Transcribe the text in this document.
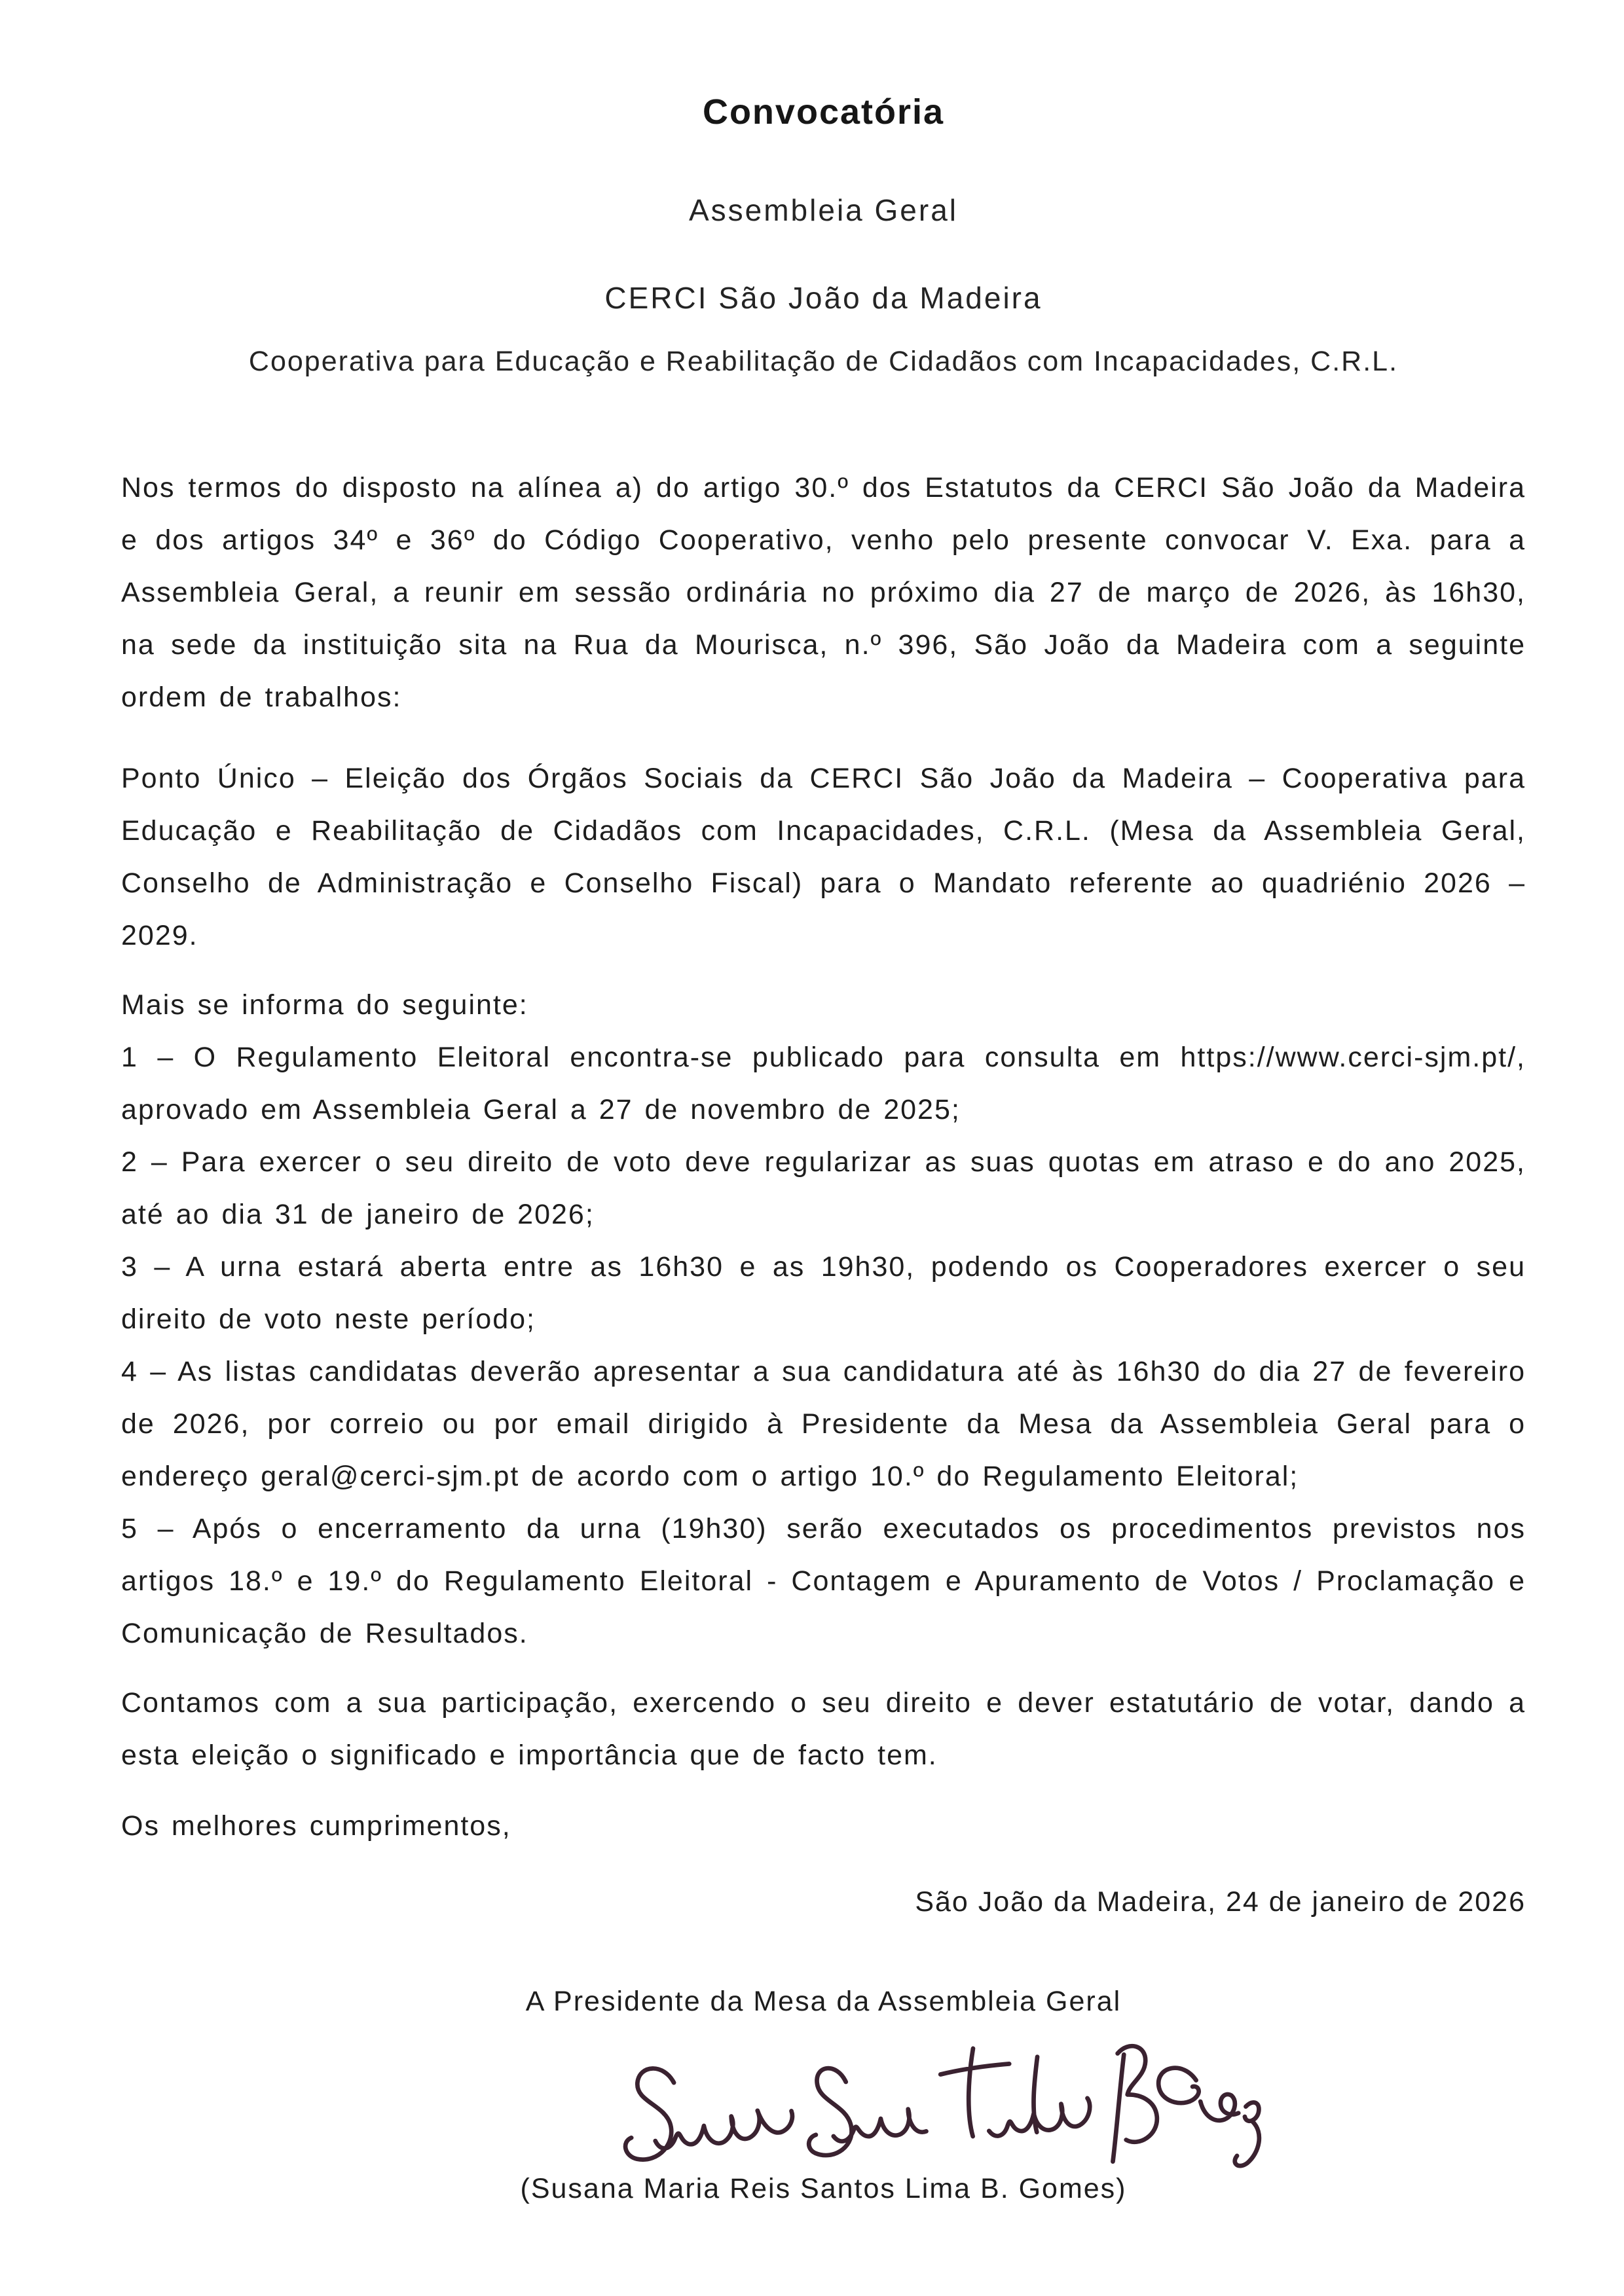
Convocatória
Assembleia Geral
CERCI São João da Madeira
Cooperativa para Educação e Reabilitação de Cidadãos com Incapacidades, C.R.L.

Nos termos do disposto na alínea a) do artigo 30.º dos Estatutos da CERCI São João da Madeira e dos artigos 34º e 36º do Código Cooperativo, venho pelo presente convocar V. Exa. para a Assembleia Geral, a reunir em sessão ordinária no próximo dia 27 de março de 2026, às 16h30, na sede da instituição sita na Rua da Mourisca, n.º 396, São João da Madeira com a seguinte ordem de trabalhos:

Ponto Único – Eleição dos Órgãos Sociais da CERCI São João da Madeira – Cooperativa para Educação e Reabilitação de Cidadãos com Incapacidades, C.R.L. (Mesa da Assembleia Geral, Conselho de Administração e Conselho Fiscal) para o Mandato referente ao quadriénio 2026 – 2029.

Mais se informa do seguinte:

1 – O Regulamento Eleitoral encontra-se publicado para consulta em https://www.cerci-sjm.pt/, aprovado em Assembleia Geral a 27 de novembro de 2025;

2 – Para exercer o seu direito de voto deve regularizar as suas quotas em atraso e do ano 2025, até ao dia 31 de janeiro de 2026;

3 – A urna estará aberta entre as 16h30 e as 19h30, podendo os Cooperadores exercer o seu direito de voto neste período;

4 – As listas candidatas deverão apresentar a sua candidatura até às 16h30 do dia 27 de fevereiro de 2026, por correio ou por email dirigido à Presidente da Mesa da Assembleia Geral para o endereço geral@cerci-sjm.pt de acordo com o artigo 10.º do Regulamento Eleitoral;

5 – Após o encerramento da urna (19h30) serão executados os procedimentos previstos nos artigos 18.º e 19.º do Regulamento Eleitoral - Contagem e Apuramento de Votos / Proclamação e Comunicação de Resultados.

Contamos com a sua participação, exercendo o seu direito e dever estatutário de votar, dando a esta eleição o significado e importância que de facto tem.

Os melhores cumprimentos,

São João da Madeira, 24 de janeiro de 2026
A Presidente da Mesa da Assembleia Geral
(Susana Maria Reis Santos Lima B. Gomes)
